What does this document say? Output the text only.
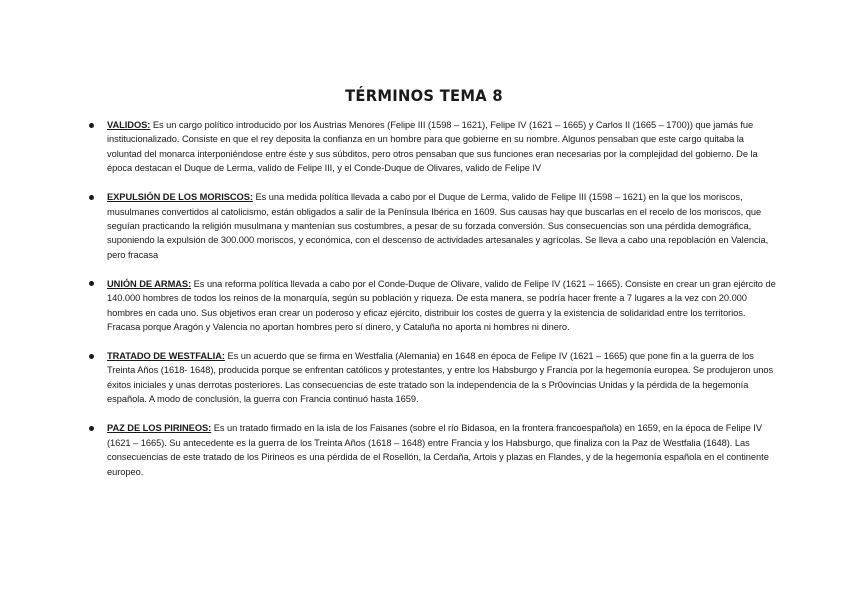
TÉRMINOS TEMA 8
VALIDOS: Es un cargo político introducido por los Austrias Menores (Felipe III (1598 – 1621), Felipe IV (1621 – 1665) y Carlos II (1665 – 1700)) que jamás fue institucionalizado. Consiste en que el rey deposita la confianza en un hombre para que gobierne en su nombre. Algunos pensaban que este cargo quitaba la voluntad del monarca interponiéndose entre éste y sus súbditos, pero otros pensaban que sus funciones eran necesarias por la complejidad del gobierno. De la época destacan el Duque de Lerma, valido de Felipe III, y el Conde-Duque de Olivares, valido de Felipe IV
EXPULSIÓN DE LOS MORISCOS: Es una medida política llevada a cabo por el Duque de Lerma, valido de Felipe III (1598 – 1621) en la que los moriscos, musulmanes convertidos al catolicismo, están obligados a salir de la Península Ibérica en 1609. Sus causas hay que buscarlas en el recelo de los moriscos, que seguían practicando la religión musulmana y mantenían sus costumbres, a pesar de su forzada conversión. Sus consecuencias son una pérdida demográfica, suponiendo la expulsión de 300.000 moriscos, y económica, con el descenso de actividades artesanales y agrícolas. Se lleva a cabo una repoblación en Valencia, pero fracasa
UNIÓN DE ARMAS: Es una reforma política llevada a cabo por el Conde-Duque de Olivare, valido de Felipe IV (1621 – 1665). Consiste en crear un gran ejército de 140.000 hombres de todos los reinos de la monarquía, según su población y riqueza. De esta manera, se podría hacer frente a 7 lugares a la vez con 20.000 hombres en cada uno. Sus objetivos eran crear un poderoso y eficaz ejército, distribuir los costes de guerra y la existencia de solidaridad entre los territorios. Fracasa porque Aragón y Valencia no aportan hombres pero sí dinero, y Cataluña no aporta ni hombres ni dinero.
TRATADO DE WESTFALIA: Es un acuerdo que se firma en Westfalia (Alemania) en 1648 en época de Felipe IV (1621 – 1665) que pone fin a la guerra de los Treinta Años (1618- 1648), producida porque se enfrentan católicos y protestantes, y entre los Habsburgo y Francia por la hegemonía europea. Se produjeron unos éxitos iniciales y unas derrotas posteriores. Las consecuencias de este tratado son la independencia de la s Pr0ovincias Unidas y la pérdida de la hegemonía española. A modo de conclusión, la guerra con Francia continuó hasta 1659.
PAZ DE LOS PIRINEOS: Es un tratado firmado en la isla de los Faisanes (sobre el río Bidasoa, en la frontera francoespañola) en 1659, en la época de Felipe IV (1621 – 1665). Su antecedente es la guerra de los Treinta Años (1618 – 1648) entre Francia y los Habsburgo, que finaliza con la Paz de Westfalia (1648). Las consecuencias de este tratado de los Pirineos es una pérdida de el Rosellón, la Cerdaña, Artois y plazas en Flandes, y de la hegemonía española en el continente europeo.
